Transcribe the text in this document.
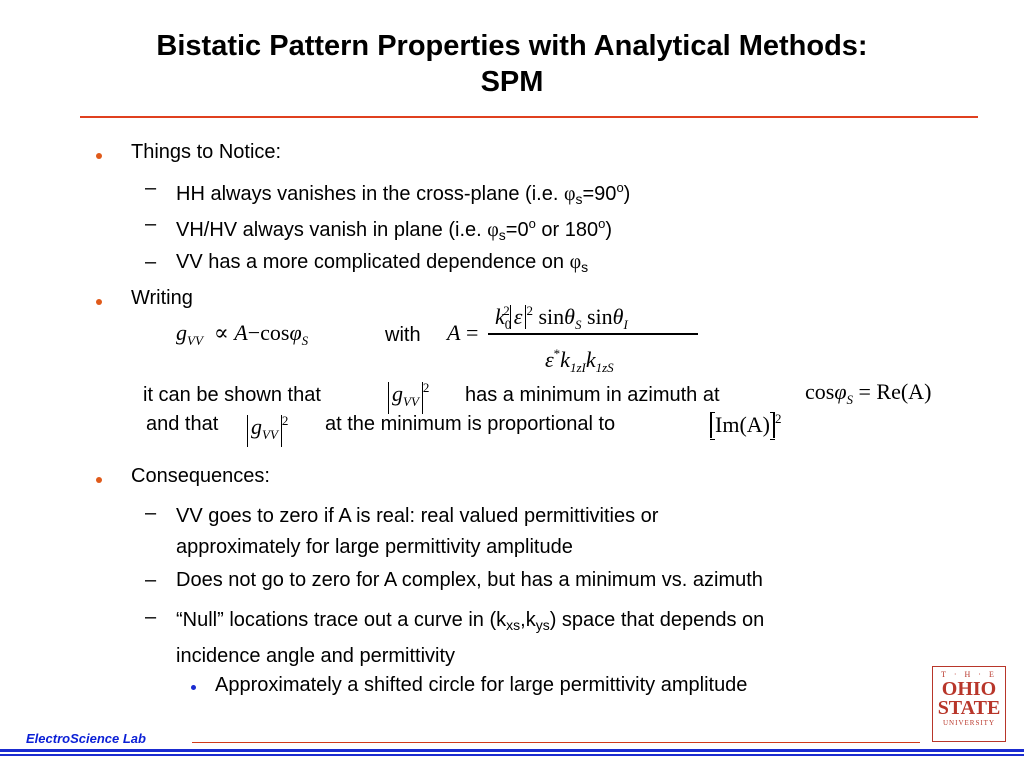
Bistatic Pattern Properties with Analytical Methods:
SPM
Things to Notice:
– HH always vanishes in the cross-plane (i.e. $\varphi_s=90^o$)
– VH/HV always vanish in plane (i.e. $\varphi_s=0^o$ or 180$^o$)
– VV has a more complicated dependence on $\varphi_s$
Writing
$g_{VV} \propto A-\cos\varphi_S$	with A =
$k_0^2$ ε $^2$ sinθ$_S$ sinθ$_I$
$\varepsilon^*k_{1zI}k_{1zS}$
it can be shown that	$g_{VV}^2$ has a minimum in azimuth at	cosφ$_S$ = Re(A)
and that $g_{VV}^2$ at the minimum is proportional to	Im(A) $^2$
Consequences:
– VV goes to zero if A is real: real valued permittivities or
approximately for large permittivity amplitude
– Does not go to zero for A complex, but has a minimum vs. azimuth
– “Null” locations trace out a curve in $(k_{xs},k_{ys})$ space that depends on
incidence angle and permittivity
Approximately a shifted circle for large permittivity amplitude
ElectroScience Lab
T · H · E
OHIO
STATE
UNIVERSITY
